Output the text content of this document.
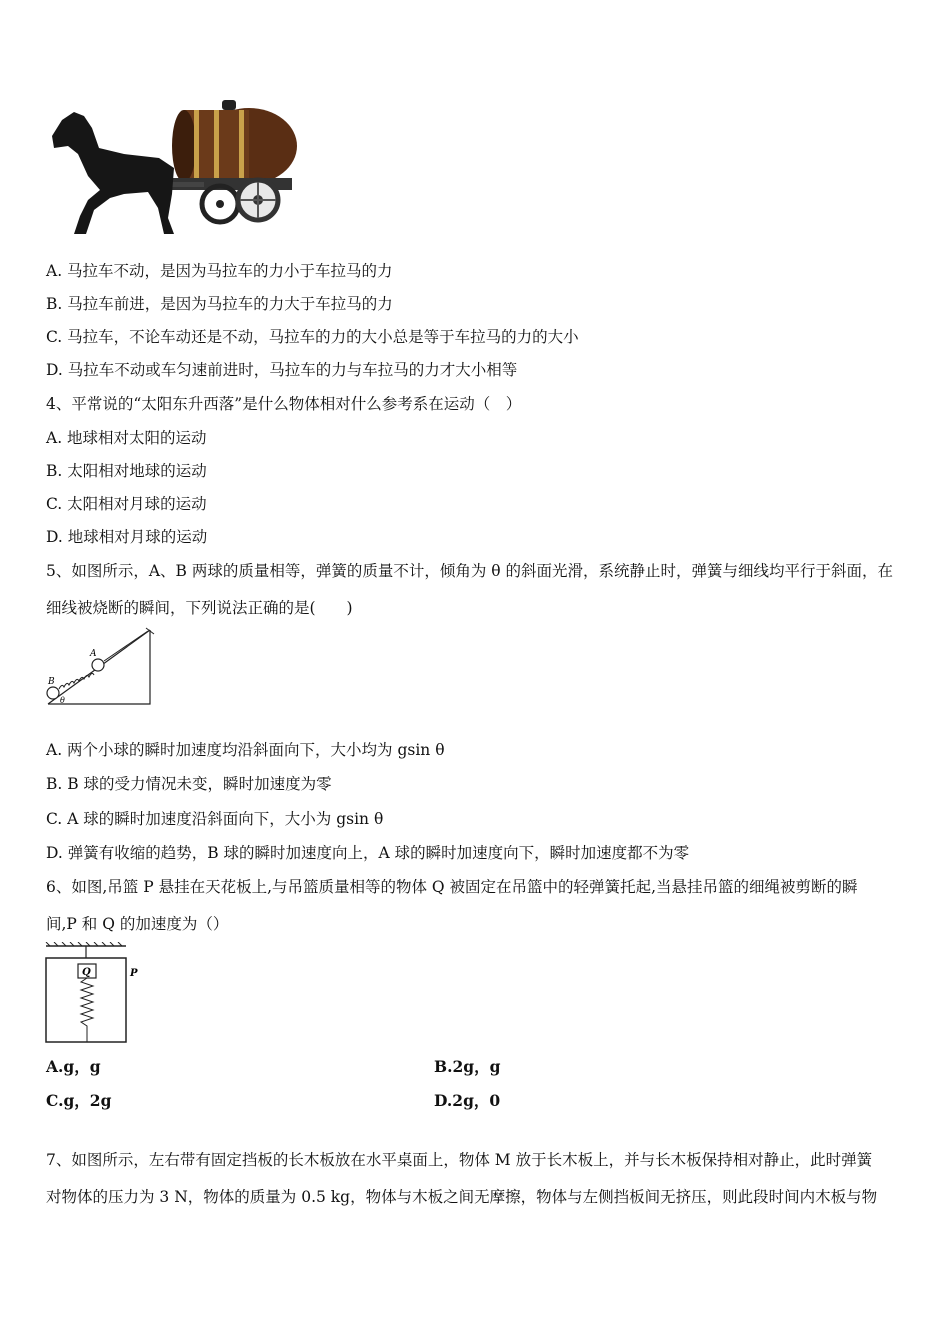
A. 马拉车不动，是因为马拉车的力小于车拉马的力
B. 马拉车前进，是因为马拉车的力大于车拉马的力
C. 马拉车，不论车动还是不动，马拉车的力的大小总是等于车拉马的力的大小
D. 马拉车不动或车匀速前进时，马拉车的力与车拉马的力才大小相等
4、平常说的“太阳东升西落”是什么物体相对什么参考系在运动（　）
A. 地球相对太阳的运动
B. 太阳相对地球的运动
C. 太阳相对月球的运动
D. 地球相对月球的运动
5、如图所示，A、B 两球的质量相等，弹簧的质量不计，倾角为 θ 的斜面光滑，系统静止时，弹簧与细线均平行于斜面，在
细线被烧断的瞬间，下列说法正确的是(　　)
A
B
θ
A. 两个小球的瞬时加速度均沿斜面向下，大小均为 gsin θ
B. B 球的受力情况未变，瞬时加速度为零
C. A 球的瞬时加速度沿斜面向下，大小为 gsin θ
D. 弹簧有收缩的趋势，B 球的瞬时加速度向上，A 球的瞬时加速度向下，瞬时加速度都不为零
6、如图,吊篮 P 悬挂在天花板上,与吊篮质量相等的物体 Q 被固定在吊篮中的轻弹簧托起,当悬挂吊篮的细绳被剪断的瞬
间,P 和 Q 的加速度为（）
Q	P
A.g，g	B.2g，g
C.g，2g	D.2g，0
7、如图所示，左右带有固定挡板的长木板放在水平桌面上，物体 M 放于长木板上，并与长木板保持相对静止，此时弹簧
对物体的压力为 3 N，物体的质量为 0.5 kg，物体与木板之间无摩擦，物体与左侧挡板间无挤压，则此段时间内木板与物
